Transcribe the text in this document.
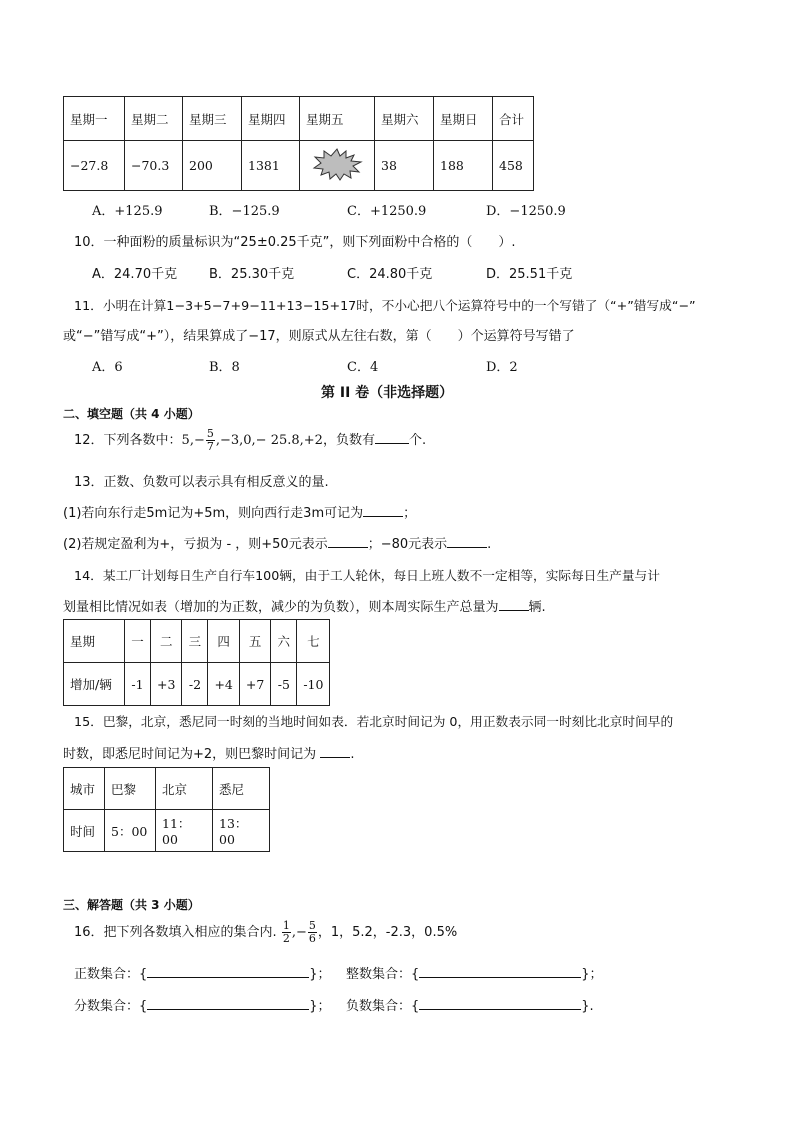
星期一	星期二	星期三	星期四	星期五	星期六	星期日	合计
−27.8	−70.3	200	1381		38	188	458
A．+125.9	B．−125.9	C．+1250.9	D．−1250.9
10．一种面粉的质量标识为“25±0.25千克”，则下列面粉中合格的（　　）.
A．24.70千克 B．25.30千克	C．24.80千克	D．25.51千克
11．小明在计算1−3+5−7+9−11+13−15+17时，不小心把八个运算符号中的一个写错了（“+”错写成“−”
或“−”错写成“+”），结果算成了−17，则原式从左往右数，第（　　）个运算符号写错了
A．6	B．8	C．4	D．2
第 II 卷（非选择题）
二、填空题（共 4 小题）
12．下列各数中：$5,- \frac{5}{7} ,-3,0,- 25.8,+2$，负数有	个.
13．正数、负数可以表示具有相反意义的量.
(1)若向东行走5m记为+5m，则向西行走3m可记为	；
(2)若规定盈利为+，亏损为 - ，则+50元表示	；−80元表示	.
14．某工厂计划每日生产自行车100辆，由于工人轮休，每日上班人数不一定相等，实际每日生产量与计
划量相比情况如表（增加的为正数，减少的为负数），则本周实际生产总量为 辆.
星期	一	二	三	四	五	六	七
增加/辆	-1	+3	-2	+4	+7	-5	-10
15．巴黎，北京，悉尼同一时刻的当地时间如表．若北京时间记为 0，用正数表示同一时刻比北京时间早的
时数，即悉尼时间记为+2，则巴黎时间记为	.
城市	巴黎	北京	悉尼
时间	5：00	11：00	13：00
三、解答题（共 3 小题）
16．把下列各数填入相应的集合内. $\frac{1}{2}$ ,− $\frac{5}{6}$ ，1，5.2，-2.3，0.5%
正数集合：{	}； 整数集合：{	}；
分数集合：{	}； 负数集合：{	}.
